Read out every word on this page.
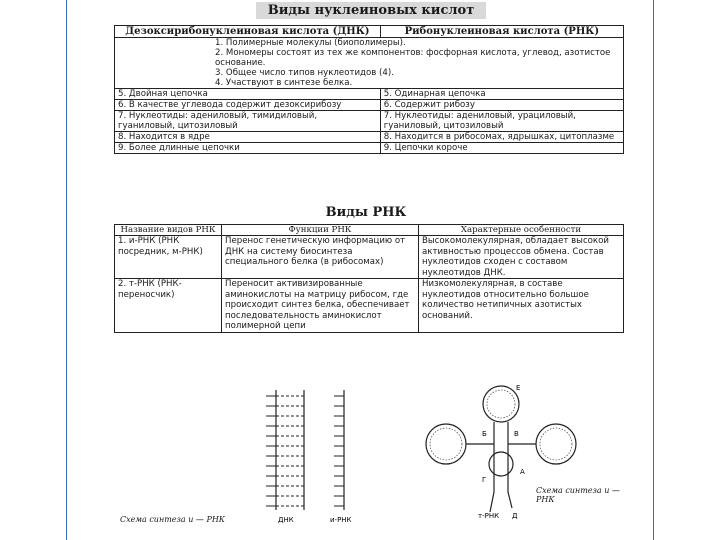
Виды нуклеиновых кислот
Дезоксирибонуклеиновая кислота (ДНК)	Рибонуклеиновая кислота (РНК)

1. Полимерные молекулы (биополимеры).
2. Мономеры состоят из тех же компонентов: фосфорная кислота, углевод, азотистое основание.
3. Общее число типов нуклеотидов (4).
4. Участвуют в синтезе белка.	

5. Двойная цепочка	5. Одинарная цепочка
6. В качестве углевода содержит дезоксирибозу	6. Содержит рибозу
7. Нуклеотиды: адениловый, тимидиловый, гуаниловый, цитозиловый	7. Нуклеотиды: адениловый, урациловый, гуаниловый, цитозиловый
8. Находится в ядре	8. Находится в рибосомах, ядрышках, цитоплазме
9. Более длинные цепочки	9. Цепочки короче
Виды РНК
Название видов РНК	Функции РНК	Характерные особенности
1. и-РНК (РНК посредник, м-РНК)	Перенос генетическую информацию от ДНК на систему биосинтеза специального белка (в рибосомах)	Высокомолекулярная, обладает высокой активностью процессов обмена. Состав нуклеотидов сходен с составом нуклеотидов ДНК.
2. т-РНК (РНК-переносчик)	Переносит активизированные аминокислоты на матрицу рибосом, где происходит синтез белка, обеспечивает последовательность аминокислот полимерной цепи	Низкомолекулярная, в составе нуклеотидов относительно большое количество нетипичных азотистых оснований.
ДНК	и-РНК
Б	В
Г
А
Е
т-РНК Д
Схема синтеза и — РНК
Схема синтеза и — РНК
